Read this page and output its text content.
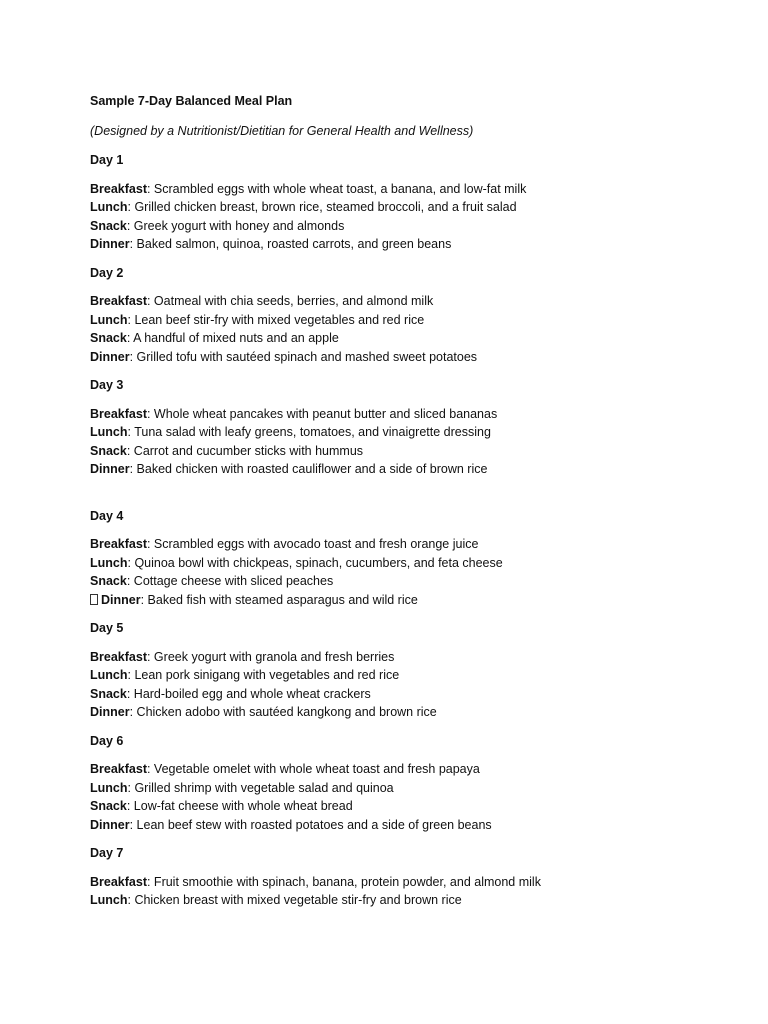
Sample 7-Day Balanced Meal Plan

(Designed by a Nutritionist/Dietitian for General Health and Wellness)

Day 1

Breakfast: Scrambled eggs with whole wheat toast, a banana, and low-fat milk

Lunch: Grilled chicken breast, brown rice, steamed broccoli, and a fruit salad

Snack: Greek yogurt with honey and almonds

Dinner: Baked salmon, quinoa, roasted carrots, and green beans

Day 2

Breakfast: Oatmeal with chia seeds, berries, and almond milk

Lunch: Lean beef stir-fry with mixed vegetables and red rice

Snack: A handful of mixed nuts and an apple

Dinner: Grilled tofu with sautéed spinach and mashed sweet potatoes

Day 3

Breakfast: Whole wheat pancakes with peanut butter and sliced bananas

Lunch: Tuna salad with leafy greens, tomatoes, and vinaigrette dressing

Snack: Carrot and cucumber sticks with hummus

Dinner: Baked chicken with roasted cauliflower and a side of brown rice

Day 4

Breakfast: Scrambled eggs with avocado toast and fresh orange juice

Lunch: Quinoa bowl with chickpeas, spinach, cucumbers, and feta cheese

Snack: Cottage cheese with sliced peaches

Dinner: Baked fish with steamed asparagus and wild rice

Day 5

Breakfast: Greek yogurt with granola and fresh berries

Lunch: Lean pork sinigang with vegetables and red rice

Snack: Hard-boiled egg and whole wheat crackers

Dinner: Chicken adobo with sautéed kangkong and brown rice

Day 6

Breakfast: Vegetable omelet with whole wheat toast and fresh papaya

Lunch: Grilled shrimp with vegetable salad and quinoa

Snack: Low-fat cheese with whole wheat bread

Dinner: Lean beef stew with roasted potatoes and a side of green beans

Day 7

Breakfast: Fruit smoothie with spinach, banana, protein powder, and almond milk

Lunch: Chicken breast with mixed vegetable stir-fry and brown rice
